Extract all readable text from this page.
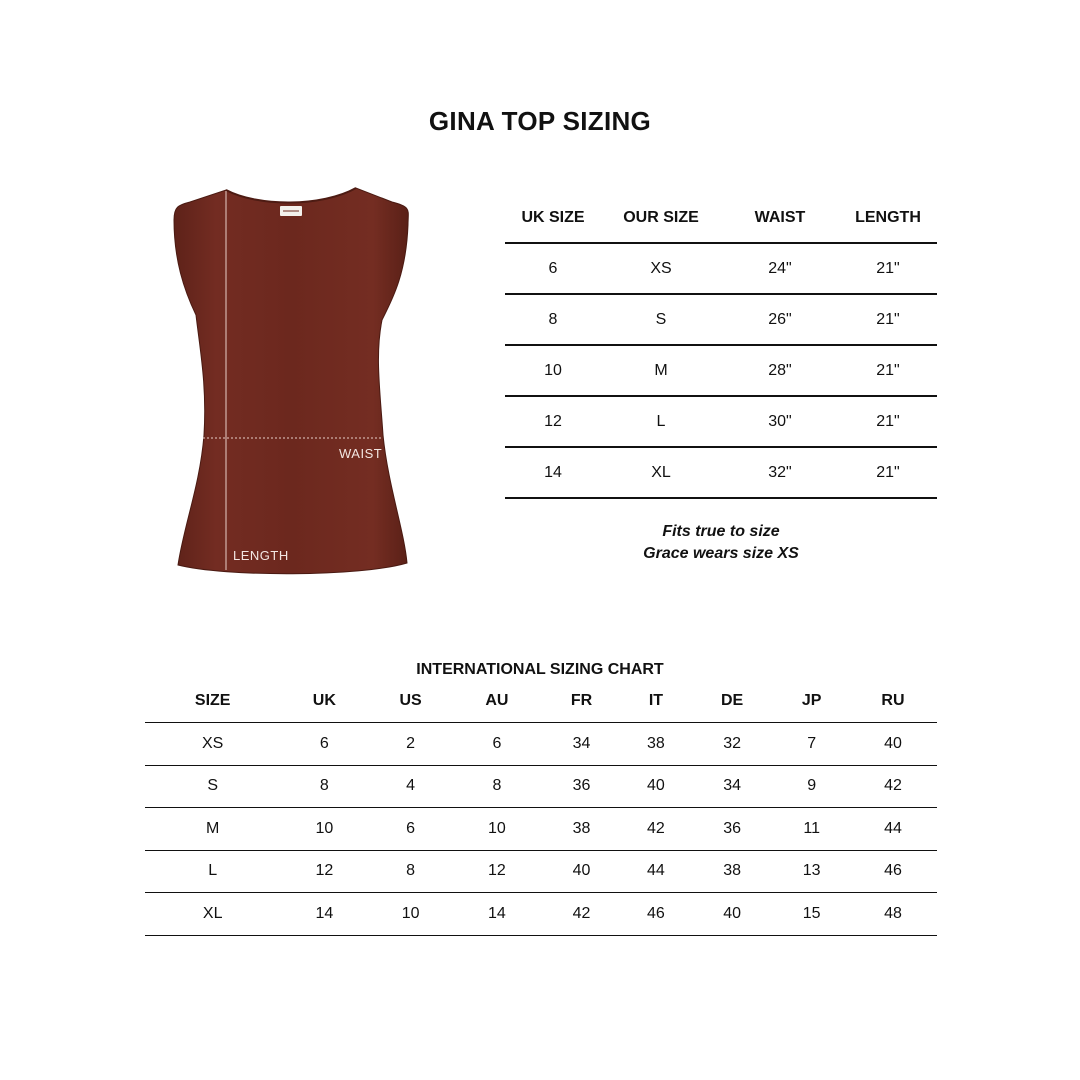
GINA TOP SIZING
WAIST
LENGTH
UK SIZE	OUR SIZE	WAIST	LENGTH
6	XS	24"	21"
8	S	26"	21"
10	M	28"	21"
12	L	30"	21"
14	XL	32"	21"
Fits true to size
Grace wears size XS
INTERNATIONAL SIZING CHART
SIZE	UK	US	AU	FR	IT	DE	JP	RU
XS	6	2	6	34	38	32	7	40
S	8	4	8	36	40	34	9	42
M	10	6	10	38	42	36	11	44
L	12	8	12	40	44	38	13	46
XL	14	10	14	42	46	40	15	48
